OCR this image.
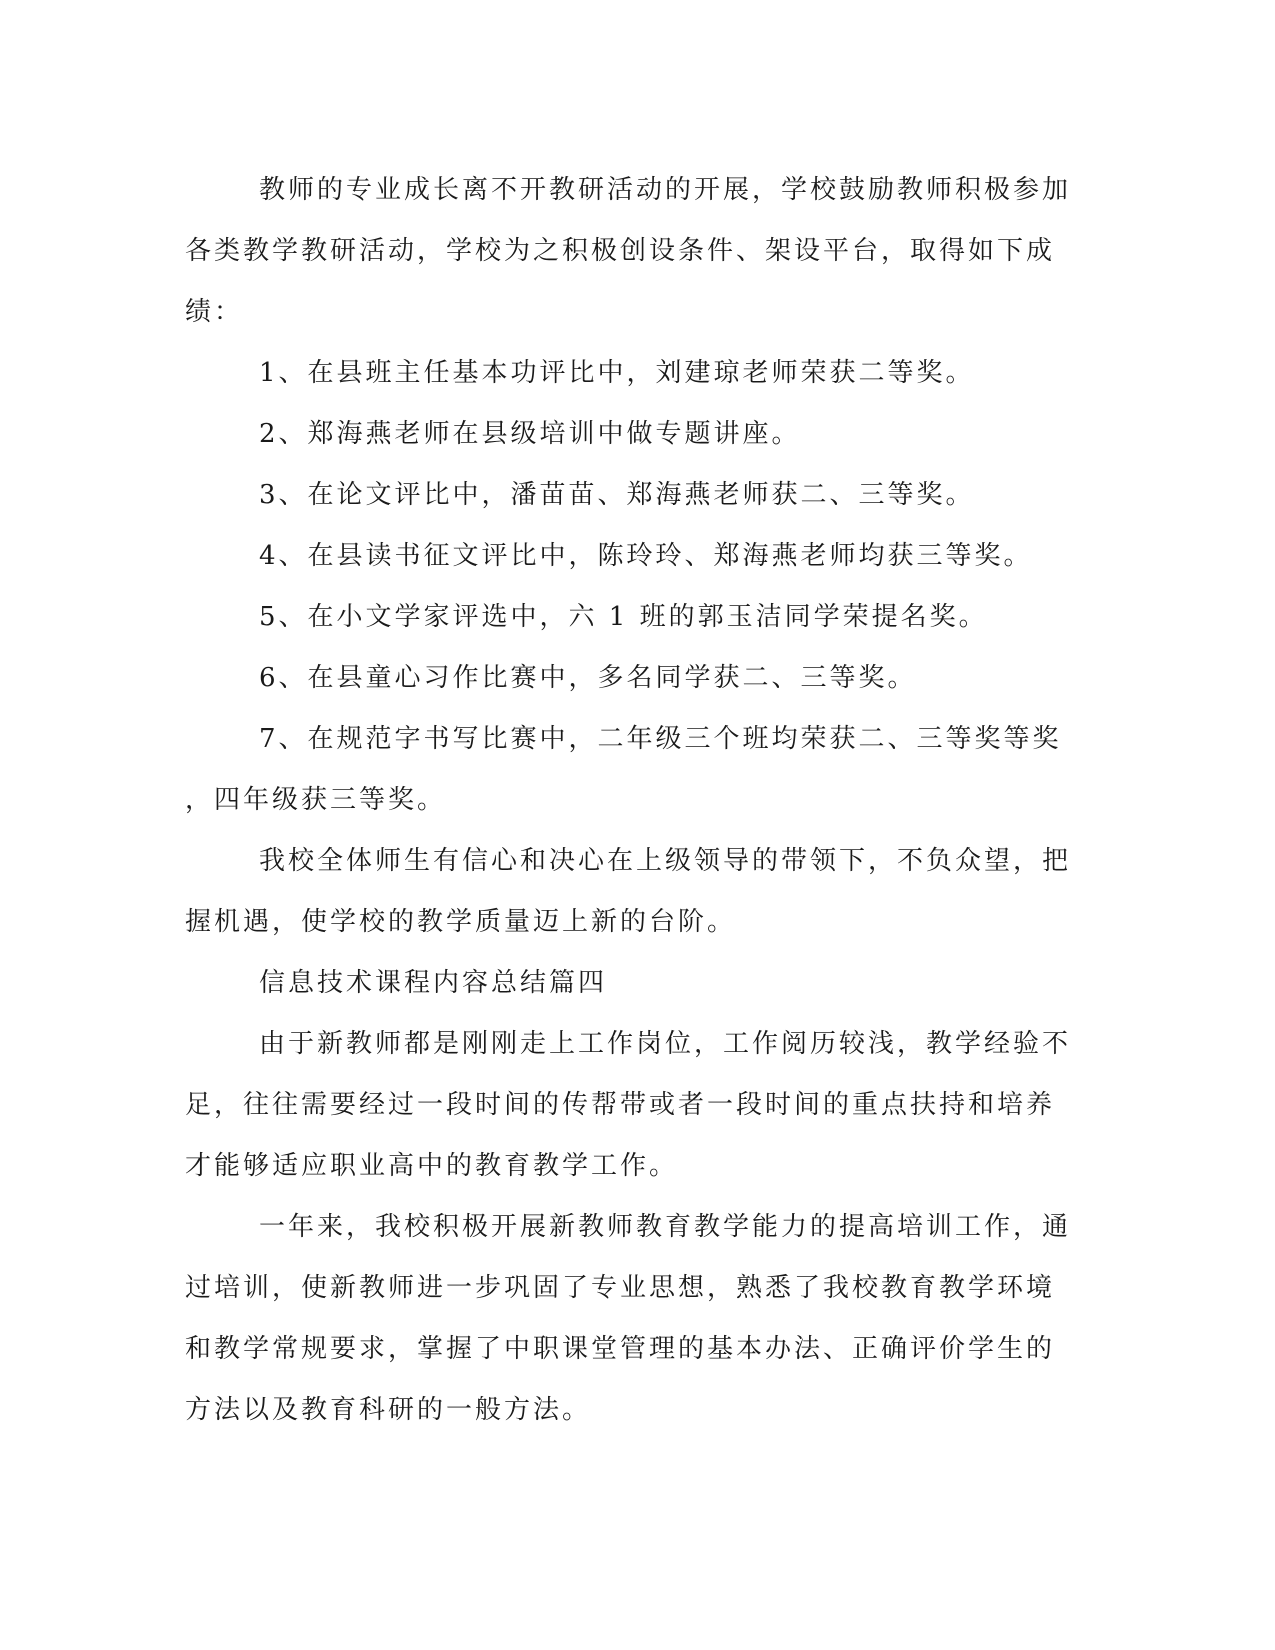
教师的专业成长离不开教研活动的开展，学校鼓励教师积极参加各类教学教研活动，学校为之积极创设条件、架设平台，取得如下成绩：

1、在县班主任基本功评比中，刘建琼老师荣获二等奖。

2、郑海燕老师在县级培训中做专题讲座。

3、在论文评比中，潘苗苗、郑海燕老师获二、三等奖。

4、在县读书征文评比中，陈玲玲、郑海燕老师均获三等奖。

5、在小文学家评选中，六 1 班的郭玉洁同学荣提名奖。

6、在县童心习作比赛中，多名同学获二、三等奖。

7、在规范字书写比赛中，二年级三个班均荣获二、三等奖等奖

，四年级获三等奖。

我校全体师生有信心和决心在上级领导的带领下，不负众望，把握机遇，使学校的教学质量迈上新的台阶。

信息技术课程内容总结篇四

由于新教师都是刚刚走上工作岗位，工作阅历较浅，教学经验不足，往往需要经过一段时间的传帮带或者一段时间的重点扶持和培养才能够适应职业高中的教育教学工作。

一年来，我校积极开展新教师教育教学能力的提高培训工作，通过培训，使新教师进一步巩固了专业思想，熟悉了我校教育教学环境和教学常规要求，掌握了中职课堂管理的基本办法、正确评价学生的方法以及教育科研的一般方法。
